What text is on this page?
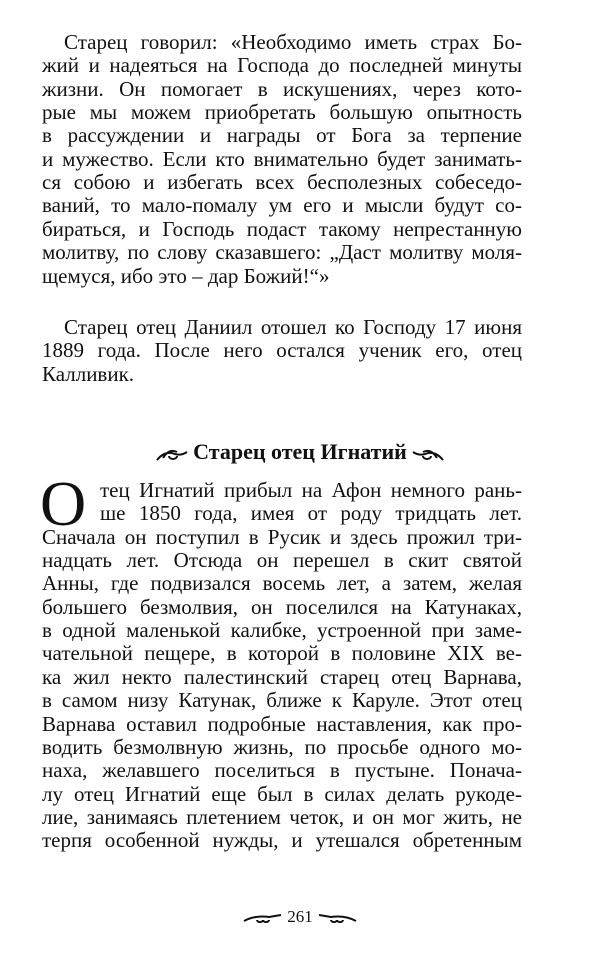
Старец говорил: «Необходимо иметь страх Бо-
жий и надеяться на Господа до последней минуты
жизни. Он помогает в искушениях, через кото-
рые мы можем приобретать большую опытность
в рассуждении и награды от Бога за терпение
и мужество. Если кто внимательно будет занимать-
ся собою и избегать всех бесполезных собеседо-
ваний, то мало-помалу ум его и мысли будут со-
бираться, и Господь подаст такому непрестанную
молитву, по слову сказавшего: „Даст молитву моля-
щемуся, ибо это – дар Божий!“»
Старец отец Даниил отошел ко Господу 17 июня
1889 года. После него остался ученик его, отец
Калливик.
Старец отец Игнатий
О тец Игнатий прибыл на Афон немного рань-
ше 1850 года, имея от роду тридцать лет.
Сначала он поступил в Русик и здесь прожил три-
надцать лет. Отсюда он перешел в скит святой
Анны, где подвизался восемь лет, а затем, желая
большего безмолвия, он поселился на Катунаках,
в одной маленькой калибке, устроенной при заме-
чательной пещере, в которой в половине XIX ве-
ка жил некто палестинский старец отец Варнава,
в самом низу Катунак, ближе к Каруле. Этот отец
Варнава оставил подробные наставления, как про-
водить безмолвную жизнь, по просьбе одного мо-
наха, желавшего поселиться в пустыне. Понача-
лу отец Игнатий еще был в силах делать рукоде-
лие, занимаясь плетением четок, и он мог жить, не
терпя особенной нужды, и утешался обретенным
261
